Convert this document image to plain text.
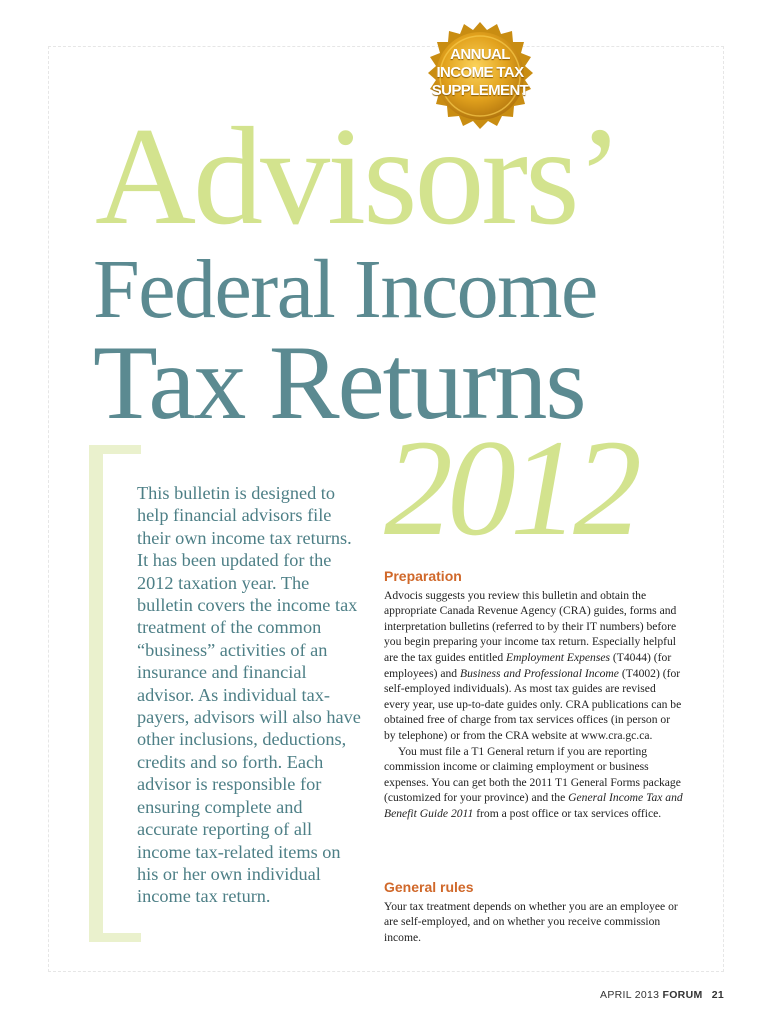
ANNUAL
INCOME TAX
SUPPLEMENT
Advisors’
Federal Income
Tax Returns
2012
This bulletin is designed to help financial advisors file their own income tax returns. It has been updated for the 2012 taxation year. The bulletin covers the income tax treatment of the common “business” activities of an insurance and financial advisor. As individual tax-payers, advisors will also have other inclusions, deductions, credits and so forth. Each advisor is responsible for ensuring complete and accurate reporting of all income tax-related items on his or her own individual income tax return.
Preparation

Advocis suggests you review this bulletin and obtain the appropriate Canada Revenue Agency (CRA) guides, forms and interpretation bulletins (referred to by their IT numbers) before you begin preparing your income tax return. Especially helpful are the tax guides entitled Employment Expenses (T4044) (for employees) and Business and Professional Income (T4002) (for self-employed individuals). As most tax guides are revised every year, use up-to-date guides only. CRA publications can be obtained free of charge from tax services offices (in person or by telephone) or from the CRA website at www.cra.gc.ca.

You must file a T1 General return if you are reporting commission income or claiming employment or business expenses. You can get both the 2011 T1 General Forms package (customized for your province) and the General Income Tax and Benefit Guide 2011 from a post office or tax services office.

General rules

Your tax treatment depends on whether you are an employee or are self-employed, and on whether you receive commission income.

APRIL 2013 FORUM 21
